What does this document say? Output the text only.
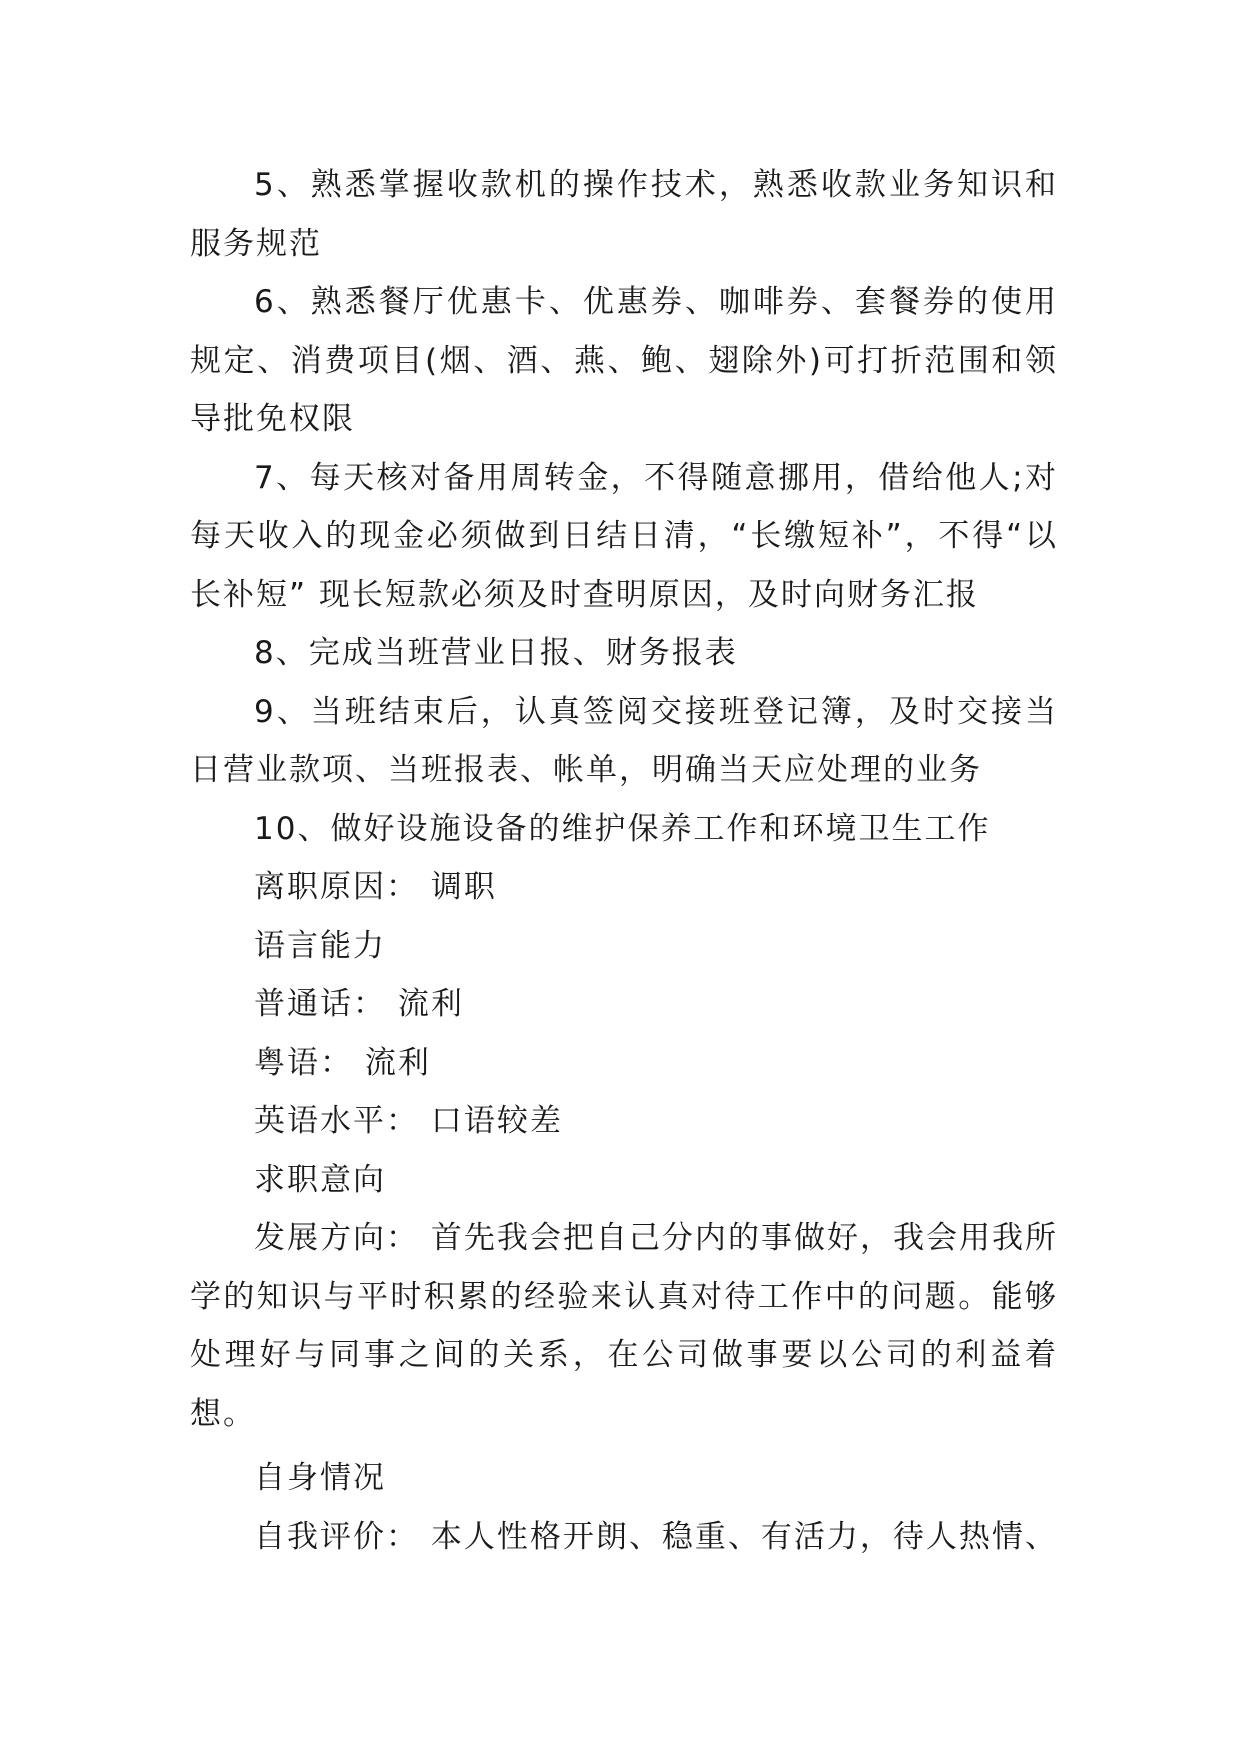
5、熟悉掌握收款机的操作技术，熟悉收款业务知识和服务规范

6、熟悉餐厅优惠卡、优惠券、咖啡券、套餐券的使用规定、消费项目(烟、酒、燕、鲍、翅除外)可打折范围和领导批免权限

7、每天核对备用周转金，不得随意挪用，借给他人;对每天收入的现金必须做到日结日清，“长缴短补”，不得“以长补短” 现长短款必须及时查明原因，及时向财务汇报

8、完成当班营业日报、财务报表

9、当班结束后，认真签阅交接班登记簿，及时交接当日营业款项、当班报表、帐单，明确当天应处理的业务

10、做好设施设备的维护保养工作和环境卫生工作

离职原因： 调职

语言能力

普通话： 流利

粤语： 流利

英语水平： 口语较差

求职意向

发展方向： 首先我会把自己分内的事做好，我会用我所学的知识与平时积累的经验来认真对待工作中的问题。能够处理好与同事之间的关系，在公司做事要以公司的利益着想。

自身情况

自我评价： 本人性格开朗、稳重、有活力，待人热情、
